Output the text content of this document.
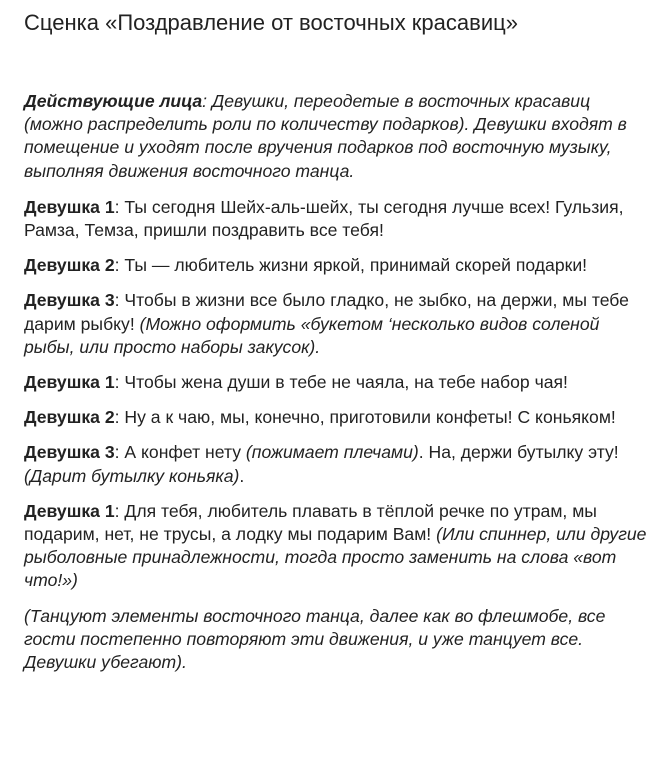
Сценка «Поздравление от восточных красавиц»

Действующие лица: Девушки, переодетые в восточных красавиц (можно распределить роли по количеству подарков). Девушки входят в помещение и уходят после вручения подарков под восточную музыку, выполняя движения восточного танца.

Девушка 1: Ты сегодня Шейх-аль-шейх, ты сегодня лучше всех! Гульзия, Рамза, Темза, пришли поздравить все тебя!

Девушка 2: Ты — любитель жизни яркой, принимай скорей подарки!

Девушка 3: Чтобы в жизни все было гладко, не зыбко, на держи, мы тебе дарим рыбку! (Можно оформить «букетом ‘несколько видов соленой рыбы, или просто наборы закусок).

Девушка 1: Чтобы жена души в тебе не чаяла, на тебе набор чая!

Девушка 2: Ну а к чаю, мы, конечно, приготовили конфеты! С коньяком!

Девушка 3: А конфет нету (пожимает плечами). На, держи бутылку эту! (Дарит бутылку коньяка).

Девушка 1: Для тебя, любитель плавать в тёплой речке по утрам, мы подарим, нет, не трусы, а лодку мы подарим Вам! (Или спиннер, или другие рыболовные принадлежности, тогда просто заменить на слова «вот что!»)

(Танцуют элементы восточного танца, далее как во флешмобе, все гости постепенно повторяют эти движения, и уже танцует все. Девушки убегают).
